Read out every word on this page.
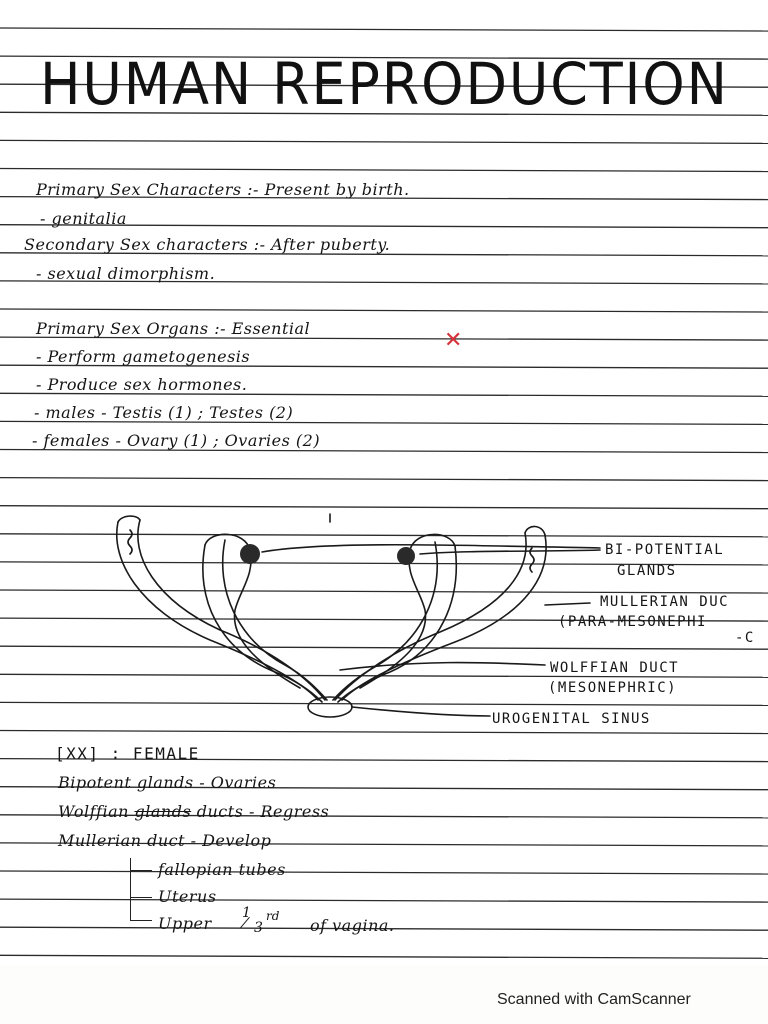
HUMAN REPRODUCTION
Primary Sex Characters :- Present by birth.
- genitalia
Secondary Sex characters :- After puberty.
- sexual dimorphism.
Primary Sex Organs :- Essential	✕
- Perform gametogenesis
- Produce sex hormones.
- males - Testis (1) ; Testes (2)
- females - Ovary (1) ; Ovaries (2)
BI-POTENTIAL
GLANDS
MULLERIAN DUC
(PARA-MESONEPHI
-C
WOLFFIAN DUCT
(MESONEPHRIC)
UROGENITAL SINUS
[XX] : FEMALE
Bipotent glands - Ovaries
Wolffian glands ducts - Regress
Mullerian duct - Develop
fallopian tubes
Uterus
Upper
1
3
rd of vagina.
Scanned with CamScanner
